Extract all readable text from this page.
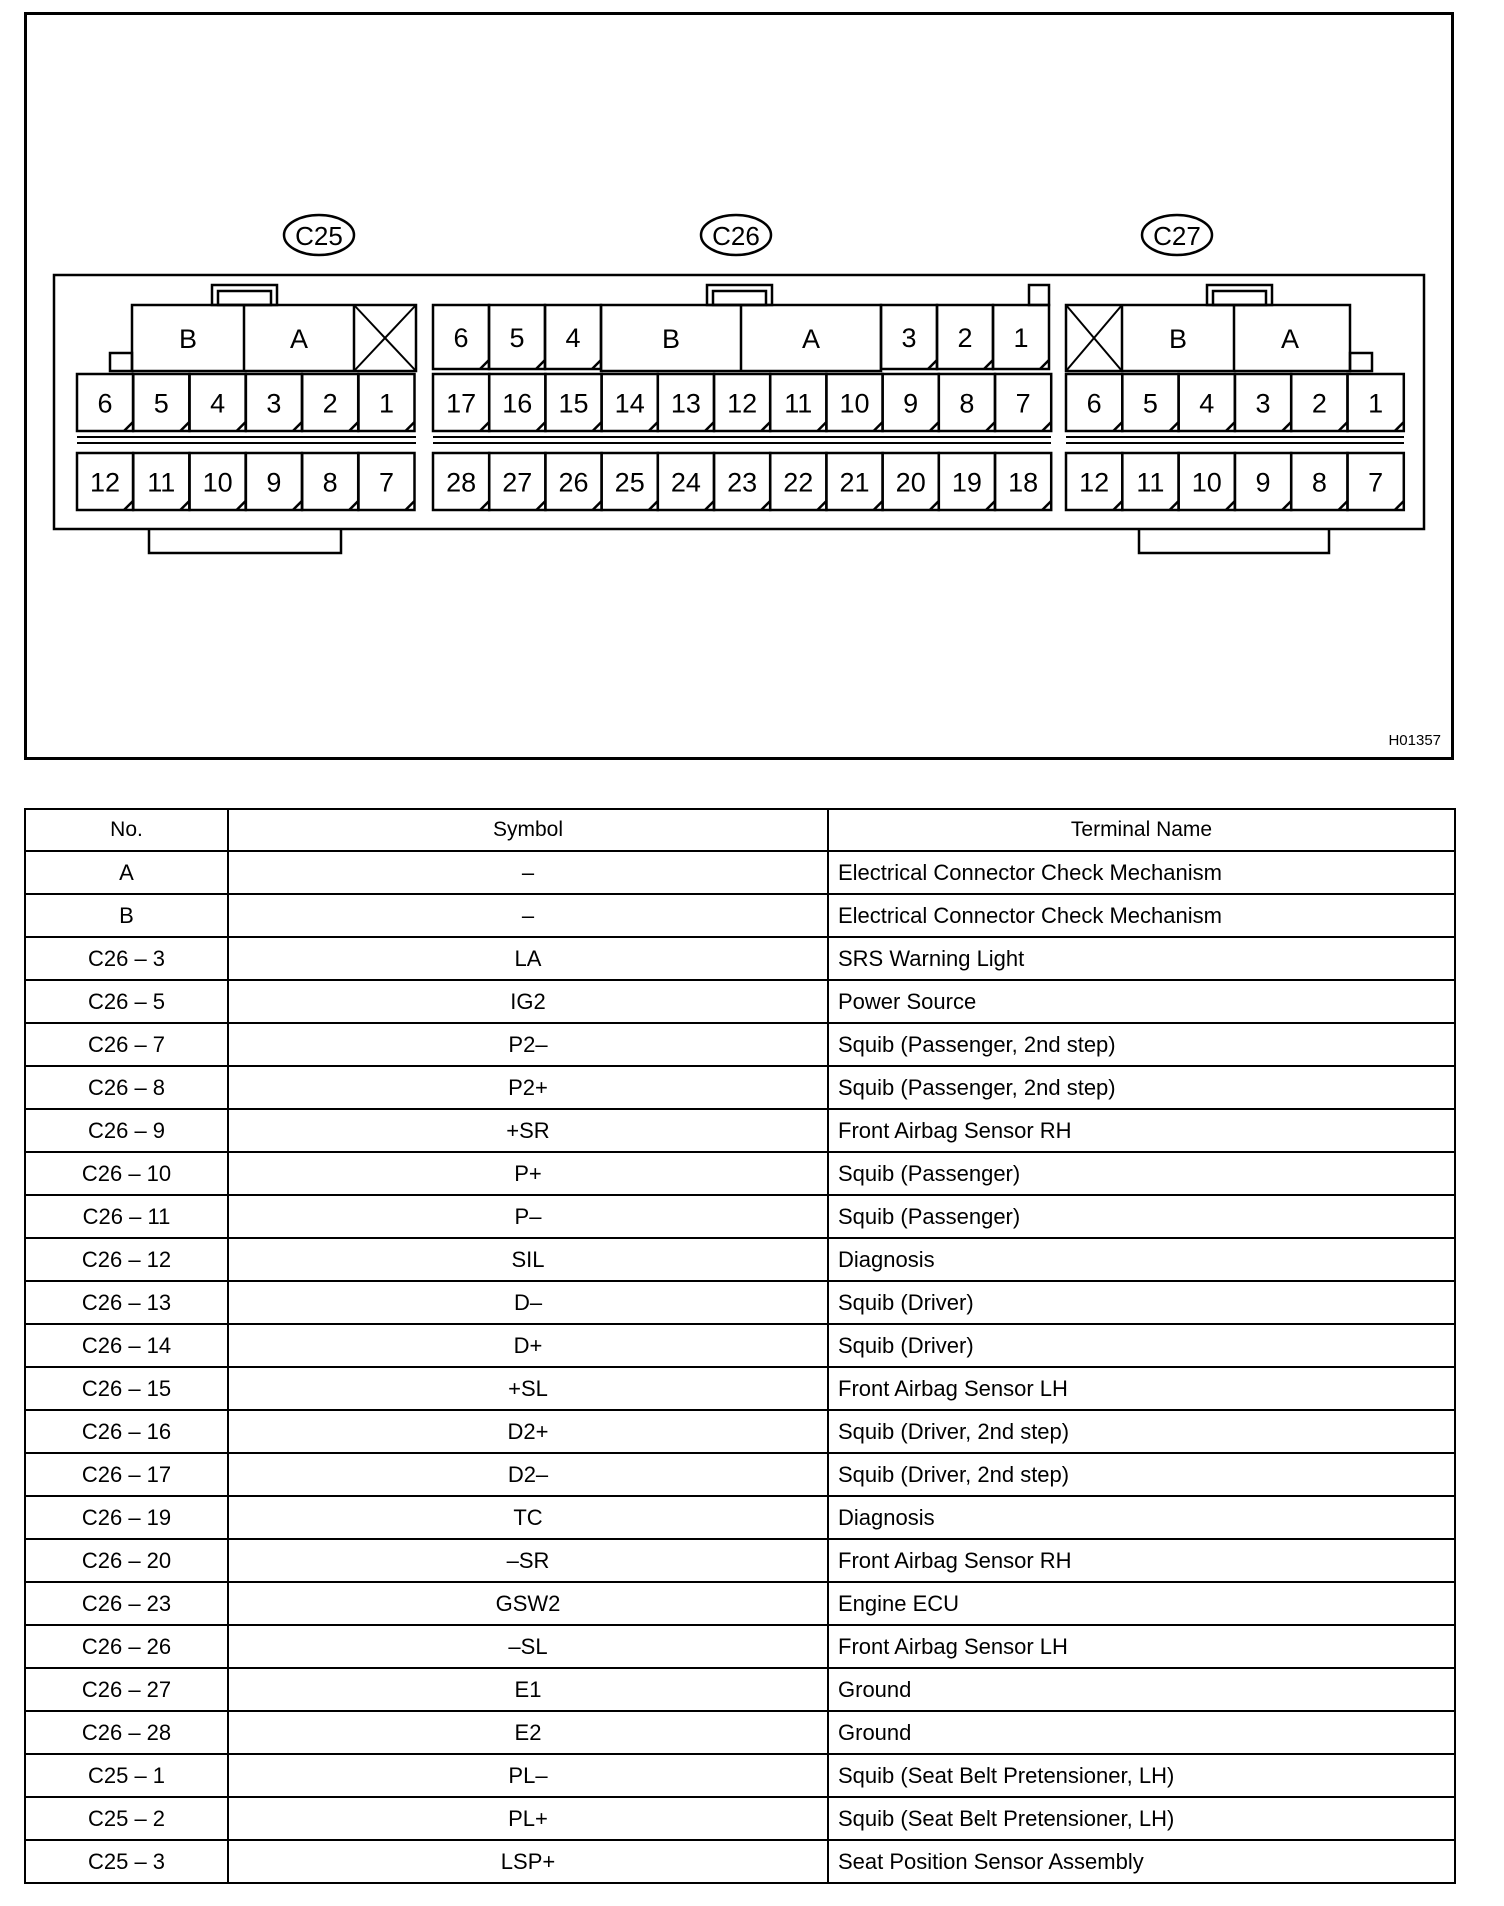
C25
B	A
6 5 4 3 2 1
12 11 10 9 8 7
C26
6 5 4	B	A	3 2 1
17 16 15 14 13 12 11 10 9 8 7
28 27 26 25 24 23 22 21 20 19 18
C27
B	A
6 5 4 3 2 1
12 11 10 9 8 7
H01357
No.	Symbol	Terminal Name
A	–	Electrical Connector Check Mechanism
B	–	Electrical Connector Check Mechanism
C26 – 3	LA	SRS Warning Light
C26 – 5	IG2	Power Source
C26 – 7	P2–	Squib (Passenger, 2nd step)
C26 – 8	P2+	Squib (Passenger, 2nd step)
C26 – 9	+SR	Front Airbag Sensor RH
C26 – 10	P+	Squib (Passenger)
C26 – 11	P–	Squib (Passenger)
C26 – 12	SIL	Diagnosis
C26 – 13	D–	Squib (Driver)
C26 – 14	D+	Squib (Driver)
C26 – 15	+SL	Front Airbag Sensor LH
C26 – 16	D2+	Squib (Driver, 2nd step)
C26 – 17	D2–	Squib (Driver, 2nd step)
C26 – 19	TC	Diagnosis
C26 – 20	–SR	Front Airbag Sensor RH
C26 – 23	GSW2	Engine ECU
C26 – 26	–SL	Front Airbag Sensor LH
C26 – 27	E1	Ground
C26 – 28	E2	Ground
C25 – 1	PL–	Squib (Seat Belt Pretensioner, LH)
C25 – 2	PL+	Squib (Seat Belt Pretensioner, LH)
C25 – 3	LSP+	Seat Position Sensor Assembly
